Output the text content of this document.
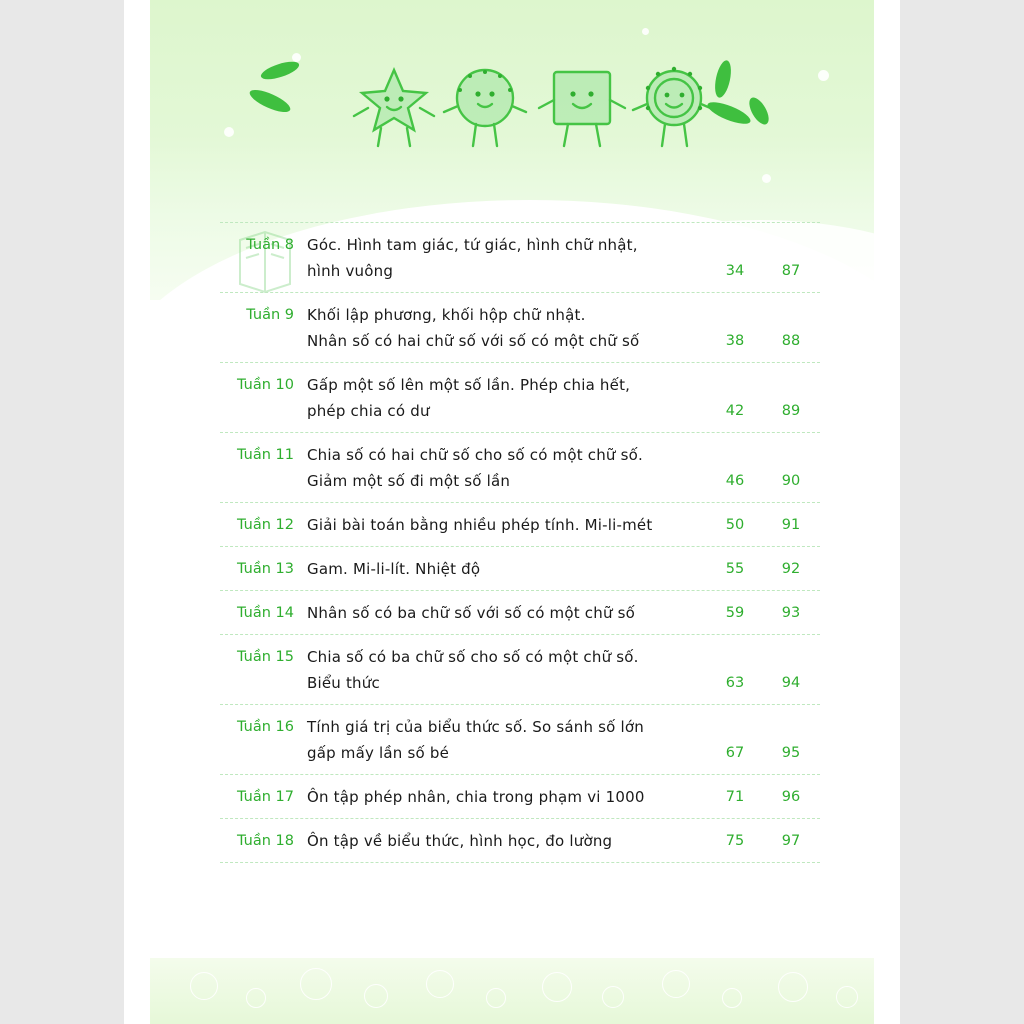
Tuần 8 Góc. Hình tam giác, tứ giác, hình chữ nhật,
hình vuông	34	87
Tuần 9 Khối lập phương, khối hộp chữ nhật.
Nhân số có hai chữ số với số có một chữ số	38	88
Tuần 10 Gấp một số lên một số lần. Phép chia hết,
phép chia có dư	42	89
Tuần 11 Chia số có hai chữ số cho số có một chữ số.
Giảm một số đi một số lần	46	90
Tuần 12 Giải bài toán bằng nhiều phép tính. Mi-li-mét	50	91
Tuần 13 Gam. Mi-li-lít. Nhiệt độ	55	92
Tuần 14 Nhân số có ba chữ số với số có một chữ số	59	93
Tuần 15 Chia số có ba chữ số cho số có một chữ số.
Biểu thức	63	94
Tuần 16 Tính giá trị của biểu thức số. So sánh số lớn
gấp mấy lần số bé	67	95
Tuần 17 Ôn tập phép nhân, chia trong phạm vi 1000	71	96
Tuần 18 Ôn tập về biểu thức, hình học, đo lường	75	97
